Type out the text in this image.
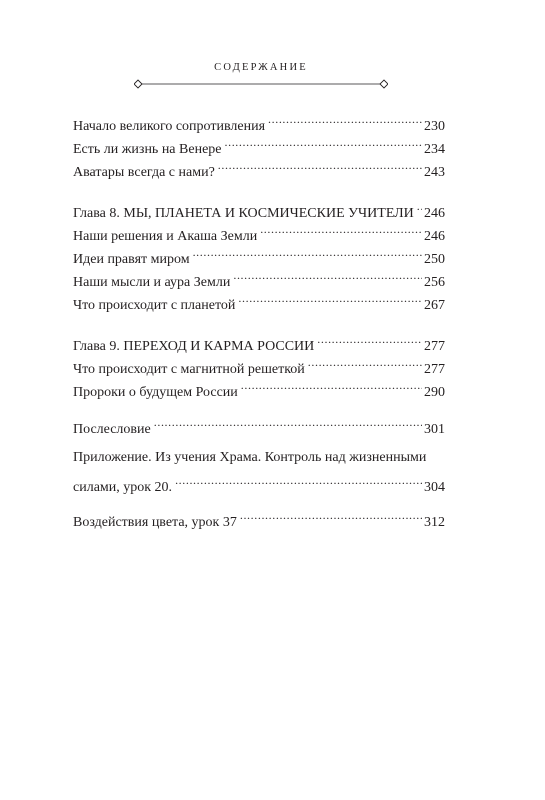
СОДЕРЖАНИЕ
Начало великого сопротивления .....	230
Есть ли жизнь на Венере .....	234
Аватары всегда с нами? .....	243
Глава 8. МЫ, ПЛАНЕТА И КОСМИЧЕСКИЕ УЧИТЕЛИ ..... 246
Наши решения и Акаша Земли .....	246
Идеи правят миром .....	250
Наши мысли и аура Земли .....	256
Что происходит с планетой .....	267
Глава 9. ПЕРЕХОД И КАРМА РОССИИ .....	277
Что происходит с магнитной решеткой .....	277
Пророки о будущем России .....	290
Послесловие .....	301
Приложение. Из учения Храма. Контроль над жизненными
силами, урок 20. .....	304
Воздействия цвета, урок 37 .....	312
